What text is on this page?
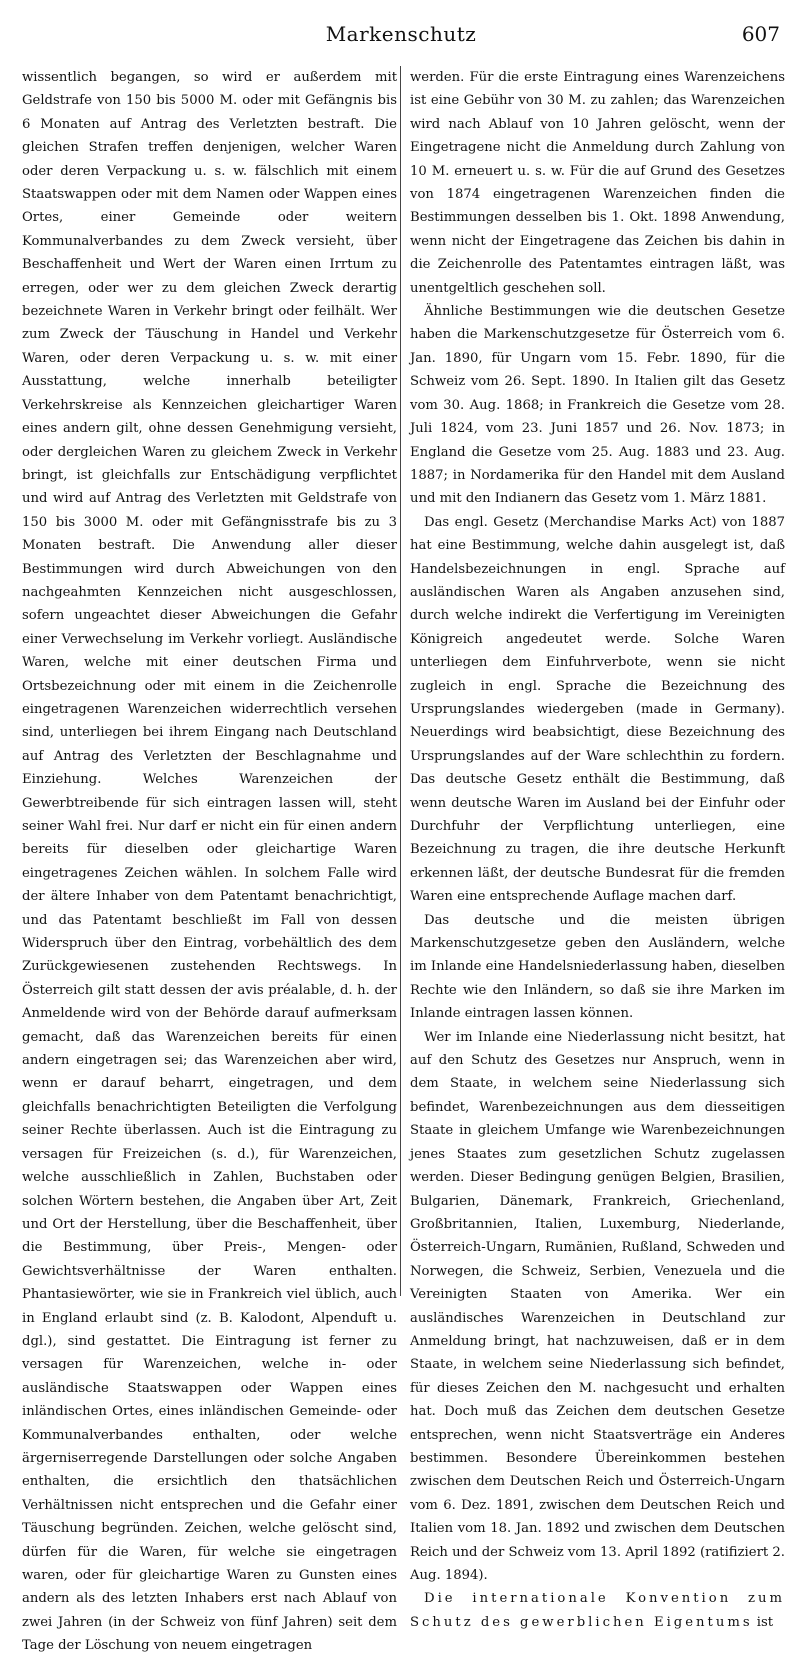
Markenschutz	607

wissentlich begangen, so wird er außerdem mit Geldstrafe von 150 bis 5000 M. oder mit Gefängnis bis 6 Monaten auf Antrag des Verletzten bestraft. Die gleichen Strafen treffen denjenigen, welcher Waren oder deren Verpackung u. s. w. fälschlich mit einem Staatswappen oder mit dem Namen oder Wappen eines Ortes, einer Gemeinde oder weitern Kommunalverbandes zu dem Zweck versieht, über Beschaffenheit und Wert der Waren einen Irrtum zu erregen, oder wer zu dem gleichen Zweck derartig bezeichnete Waren in Verkehr bringt oder feilhält. Wer zum Zweck der Täuschung in Handel und Verkehr Waren, oder deren Verpackung u. s. w. mit einer Ausstattung, welche innerhalb beteiligter Verkehrskreise als Kennzeichen gleichartiger Waren eines andern gilt, ohne dessen Genehmigung versieht, oder dergleichen Waren zu gleichem Zweck in Verkehr bringt, ist gleichfalls zur Entschädigung verpflichtet und wird auf Antrag des Verletzten mit Geldstrafe von 150 bis 3000 M. oder mit Gefängnisstrafe bis zu 3 Monaten bestraft. Die Anwendung aller dieser Bestimmungen wird durch Abweichungen von den nachgeahmten Kennzeichen nicht ausgeschlossen, sofern ungeachtet dieser Abweichungen die Gefahr einer Verwechselung im Verkehr vorliegt. Ausländische Waren, welche mit einer deutschen Firma und Ortsbezeichnung oder mit einem in die Zeichenrolle eingetragenen Warenzeichen widerrechtlich versehen sind, unterliegen bei ihrem Eingang nach Deutschland auf Antrag des Verletzten der Beschlagnahme und Einziehung. Welches Warenzeichen der Gewerbtreibende für sich eintragen lassen will, steht seiner Wahl frei. Nur darf er nicht ein für einen andern bereits für dieselben oder gleichartige Waren eingetragenes Zeichen wählen. In solchem Falle wird der ältere Inhaber von dem Patentamt benachrichtigt, und das Patentamt beschließt im Fall von dessen Widerspruch über den Eintrag, vorbehältlich des dem Zurückgewiesenen zustehenden Rechtswegs. In Österreich gilt statt dessen der avis préalable, d. h. der Anmeldende wird von der Behörde darauf aufmerksam gemacht, daß das Warenzeichen bereits für einen andern eingetragen sei; das Warenzeichen aber wird, wenn er darauf beharrt, eingetragen, und dem gleichfalls benachrichtigten Beteiligten die Verfolgung seiner Rechte überlassen. Auch ist die Eintragung zu versagen für Freizeichen (s. d.), für Warenzeichen, welche ausschließlich in Zahlen, Buchstaben oder solchen Wörtern bestehen, die Angaben über Art, Zeit und Ort der Herstellung, über die Beschaffenheit, über die Bestimmung, über Preis-, Mengen- oder Gewichtsverhältnisse der Waren enthalten. Phantasiewörter, wie sie in Frankreich viel üblich, auch in England erlaubt sind (z. B. Kalodont, Alpenduft u. dgl.), sind gestattet. Die Eintragung ist ferner zu versagen für Warenzeichen, welche in- oder ausländische Staatswappen oder Wappen eines inländischen Ortes, eines inländischen Gemeinde- oder Kommunalverbandes enthalten, oder welche ärgerniserregende Darstellungen oder solche Angaben enthalten, die ersichtlich den thatsächlichen Verhältnissen nicht entsprechen und die Gefahr einer Täuschung begründen. Zeichen, welche gelöscht sind, dürfen für die Waren, für welche sie eingetragen waren, oder für gleichartige Waren zu Gunsten eines andern als des letzten Inhabers erst nach Ablauf von zwei Jahren (in der Schweiz von fünf Jahren) seit dem Tage der Löschung von neuem eingetragen

werden. Für die erste Eintragung eines Warenzeichens ist eine Gebühr von 30 M. zu zahlen; das Warenzeichen wird nach Ablauf von 10 Jahren gelöscht, wenn der Eingetragene nicht die Anmeldung durch Zahlung von 10 M. erneuert u. s. w. Für die auf Grund des Gesetzes von 1874 eingetragenen Warenzeichen finden die Bestimmungen desselben bis 1. Okt. 1898 Anwendung, wenn nicht der Eingetragene das Zeichen bis dahin in die Zeichenrolle des Patentamtes eintragen läßt, was unentgeltlich geschehen soll.

Ähnliche Bestimmungen wie die deutschen Gesetze haben die Markenschutzgesetze für Österreich vom 6. Jan. 1890, für Ungarn vom 15. Febr. 1890, für die Schweiz vom 26. Sept. 1890. In Italien gilt das Gesetz vom 30. Aug. 1868; in Frankreich die Gesetze vom 28. Juli 1824, vom 23. Juni 1857 und 26. Nov. 1873; in England die Gesetze vom 25. Aug. 1883 und 23. Aug. 1887; in Nordamerika für den Handel mit dem Ausland und mit den Indianern das Gesetz vom 1. März 1881.

Das engl. Gesetz (Merchandise Marks Act) von 1887 hat eine Bestimmung, welche dahin ausgelegt ist, daß Handelsbezeichnungen in engl. Sprache auf ausländischen Waren als Angaben anzusehen sind, durch welche indirekt die Verfertigung im Vereinigten Königreich angedeutet werde. Solche Waren unterliegen dem Einfuhrverbote, wenn sie nicht zugleich in engl. Sprache die Bezeichnung des Ursprungslandes wiedergeben (made in Germany). Neuerdings wird beabsichtigt, diese Bezeichnung des Ursprungslandes auf der Ware schlechthin zu fordern. Das deutsche Gesetz enthält die Bestimmung, daß wenn deutsche Waren im Ausland bei der Einfuhr oder Durchfuhr der Verpflichtung unterliegen, eine Bezeichnung zu tragen, die ihre deutsche Herkunft erkennen läßt, der deutsche Bundesrat für die fremden Waren eine entsprechende Auflage machen darf.

Das deutsche und die meisten übrigen Markenschutzgesetze geben den Ausländern, welche im Inlande eine Handelsniederlassung haben, dieselben Rechte wie den Inländern, so daß sie ihre Marken im Inlande eintragen lassen können.

Wer im Inlande eine Niederlassung nicht besitzt, hat auf den Schutz des Gesetzes nur Anspruch, wenn in dem Staate, in welchem seine Niederlassung sich befindet, Warenbezeichnungen aus dem diesseitigen Staate in gleichem Umfange wie Warenbezeichnungen jenes Staates zum gesetzlichen Schutz zugelassen werden. Dieser Bedingung genügen Belgien, Brasilien, Bulgarien, Dänemark, Frankreich, Griechenland, Großbritannien, Italien, Luxemburg, Niederlande, Österreich-Ungarn, Rumänien, Rußland, Schweden und Norwegen, die Schweiz, Serbien, Venezuela und die Vereinigten Staaten von Amerika. Wer ein ausländisches Warenzeichen in Deutschland zur Anmeldung bringt, hat nachzuweisen, daß er in dem Staate, in welchem seine Niederlassung sich befindet, für dieses Zeichen den M. nachgesucht und erhalten hat. Doch muß das Zeichen dem deutschen Gesetze entsprechen, wenn nicht Staatsverträge ein Anderes bestimmen. Besondere Übereinkommen bestehen zwischen dem Deutschen Reich und Österreich-Ungarn vom 6. Dez. 1891, zwischen dem Deutschen Reich und Italien vom 18. Jan. 1892 und zwischen dem Deutschen Reich und der Schweiz vom 13. April 1892 (ratifiziert 2. Aug. 1894).

Die internationale Konvention zum Schutz des gewerblichen Eigentums ist
